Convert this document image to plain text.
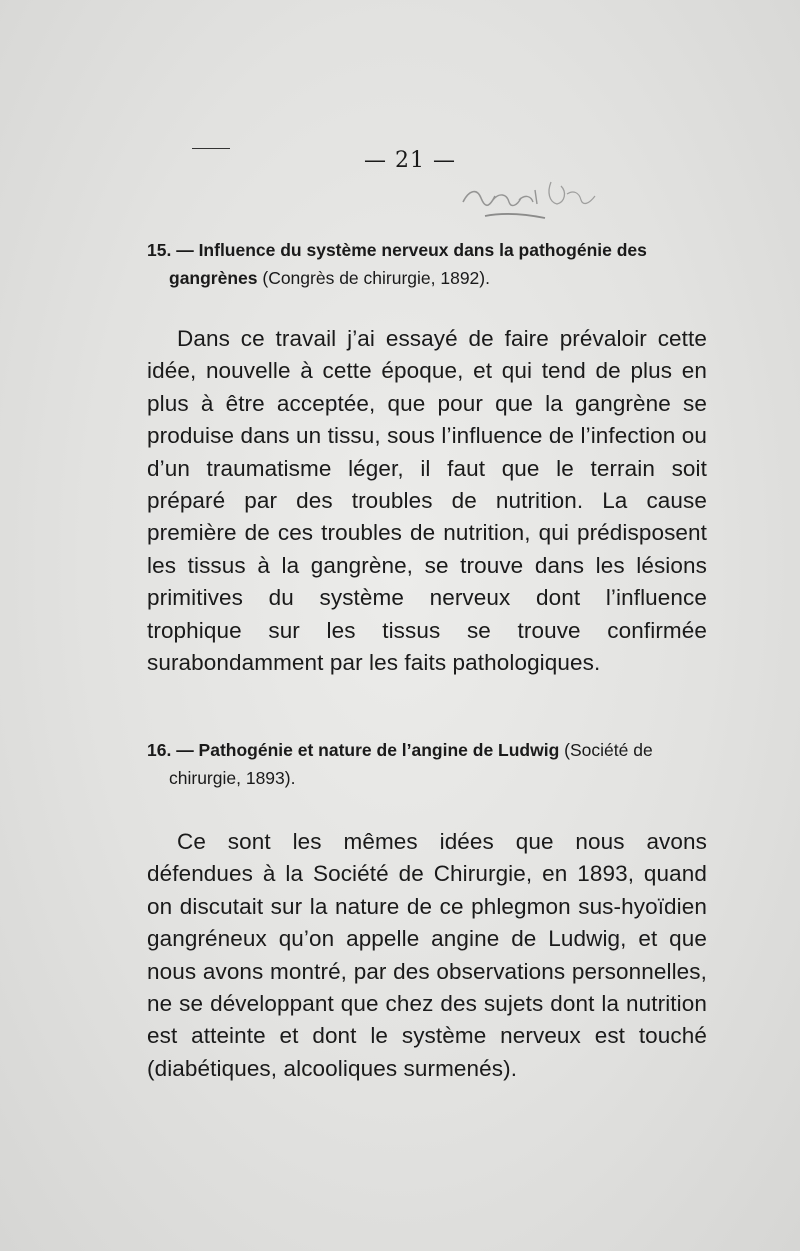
— 21 —
15. — Influence du système nerveux dans la pathogénie des
gangrènes (Congrès de chirurgie, 1892).
Dans ce travail j’ai essayé de faire prévaloir cette idée, nouvelle à cette époque, et qui tend de plus en plus à être acceptée, que pour que la gangrène se produise dans un tissu, sous l’influence de l’infection ou d’un traumatisme léger, il faut que le terrain soit préparé par des troubles de nutrition. La cause première de ces troubles de nutrition, qui prédisposent les tissus à la gangrène, se trouve dans les lésions primitives du système nerveux dont l’influence trophique sur les tissus se trouve confirmée surabondamment par les faits pathologiques.
16. — Pathogénie et nature de l’angine de Ludwig (Société de
chirurgie, 1893).
Ce sont les mêmes idées que nous avons défendues à la Société de Chirurgie, en 1893, quand on discutait sur la nature de ce phlegmon sus-hyoïdien gangréneux qu’on appelle angine de Ludwig, et que nous avons montré, par des observations personnelles, ne se développant que chez des sujets dont la nutrition est atteinte et dont le système nerveux est touché (diabétiques, alcooliques surmenés).
